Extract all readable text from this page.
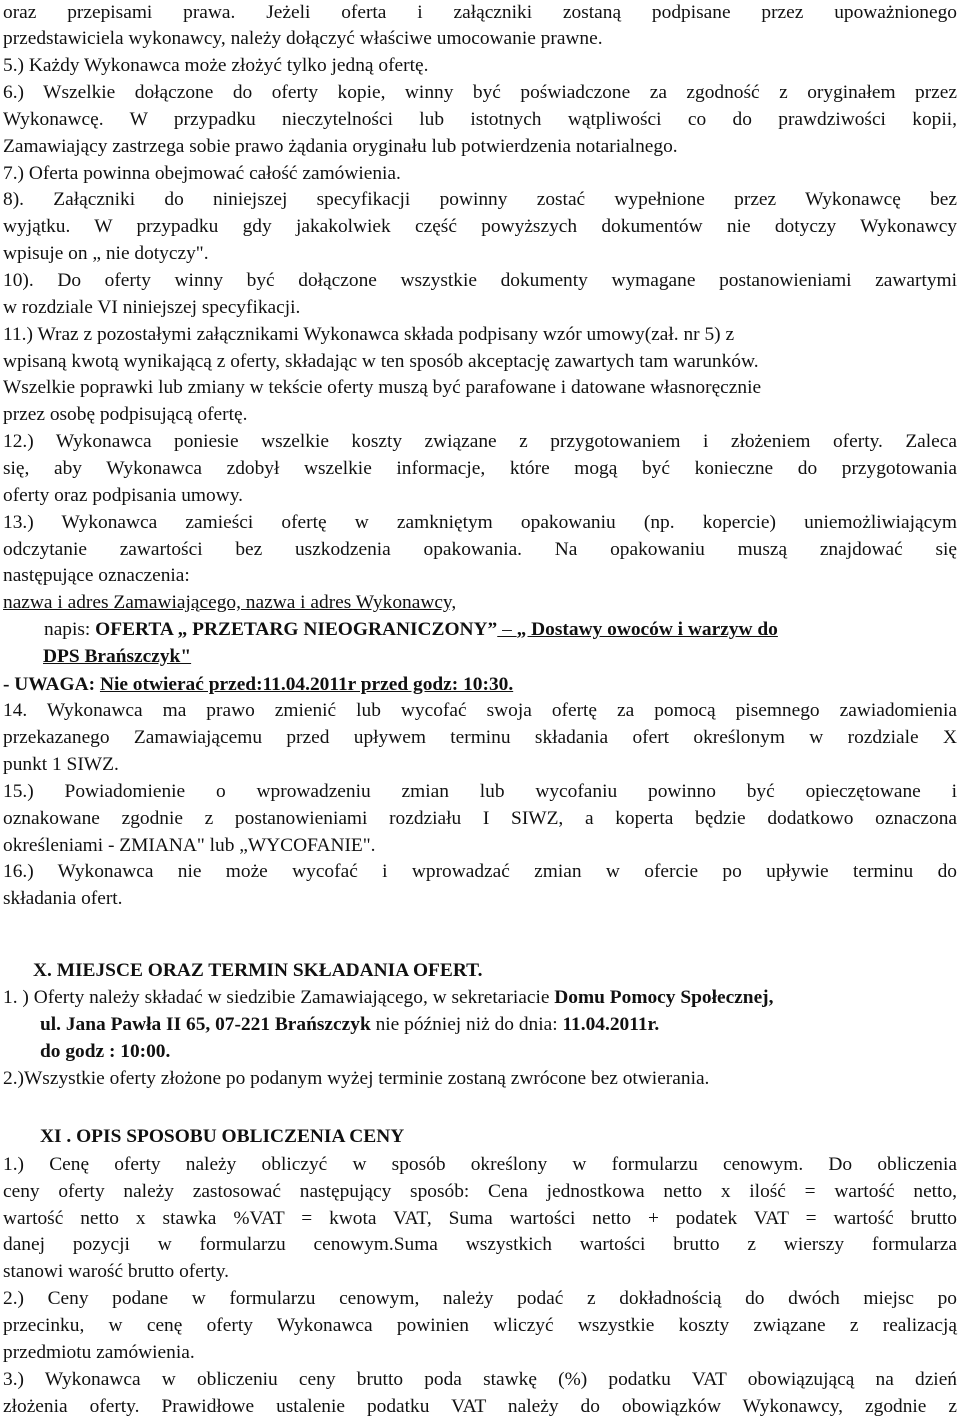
oraz przepisami prawa. Jeżeli oferta i załączniki zostaną podpisane przez upoważnionego
przedstawiciela wykonawcy, należy dołączyć właściwe umocowanie prawne.
5.) Każdy Wykonawca może złożyć tylko jedną ofertę.
6.) Wszelkie dołączone do oferty kopie, winny być poświadczone za zgodność z oryginałem przez
Wykonawcę. W przypadku nieczytelności lub istotnych wątpliwości co do prawdziwości kopii,
Zamawiający zastrzega sobie prawo żądania oryginału lub potwierdzenia notarialnego.
7.) Oferta powinna obejmować całość zamówienia.
8). Załączniki do niniejszej specyfikacji powinny zostać wypełnione przez Wykonawcę bez
wyjątku. W przypadku gdy jakakolwiek część powyższych dokumentów nie dotyczy Wykonawcy
wpisuje on „ nie dotyczy".
10). Do oferty winny być dołączone wszystkie dokumenty wymagane postanowieniami zawartymi
w rozdziale VI niniejszej specyfikacji.
11.) Wraz z pozostałymi załącznikami Wykonawca składa podpisany wzór umowy(zał. nr 5) z
wpisaną kwotą wynikającą z oferty, składając w ten sposób akceptację zawartych tam warunków.
Wszelkie poprawki lub zmiany w tekście oferty muszą być parafowane i datowane własnoręcznie
przez osobę podpisującą ofertę.
12.) Wykonawca poniesie wszelkie koszty związane z przygotowaniem i złożeniem oferty. Zaleca
się, aby Wykonawca zdobył wszelkie informacje, które mogą być konieczne do przygotowania
oferty oraz podpisania umowy.
13.) Wykonawca zamieści ofertę w zamkniętym opakowaniu (np. kopercie) uniemożliwiającym
odczytanie zawartości bez uszkodzenia opakowania. Na opakowaniu muszą znajdować się
następujące oznaczenia:
nazwa i adres Zamawiającego, nazwa i adres Wykonawcy,
napis: OFERTA „ PRZETARG NIEOGRANICZONY” – „ Dostawy owoców i warzyw do
DPS Brańszczyk"
- UWAGA: Nie otwierać przed:11.04.2011r przed godz: 10:30.
14. Wykonawca ma prawo zmienić lub wycofać swoja ofertę za pomocą pisemnego zawiadomienia
przekazanego Zamawiającemu przed upływem terminu składania ofert określonym w rozdziale X
punkt 1 SIWZ.
15.) Powiadomienie o wprowadzeniu zmian lub wycofaniu powinno być opieczętowane i
oznakowane zgodnie z postanowieniami rozdziału I SIWZ, a koperta będzie dodatkowo oznaczona
określeniami - ZMIANA" lub „WYCOFANIE".
16.) Wykonawca nie może wycofać i wprowadzać zmian w ofercie po upływie terminu do
składania ofert.
X. MIEJSCE ORAZ TERMIN SKŁADANIA OFERT.
1. ) Oferty należy składać w siedzibie Zamawiającego, w sekretariacie Domu Pomocy Społecznej,
ul. Jana Pawła II 65, 07-221 Brańszczyk nie później niż do dnia: 11.04.2011r.
do godz : 10:00.
2.)Wszystkie oferty złożone po podanym wyżej terminie zostaną zwrócone bez otwierania.
XI . OPIS SPOSOBU OBLICZENIA CENY
1.) Cenę oferty należy obliczyć w sposób określony w formularzu cenowym. Do obliczenia
ceny oferty należy zastosować następujący sposób: Cena jednostkowa netto x ilość = wartość netto,
wartość netto x stawka %VAT = kwota VAT, Suma wartości netto + podatek VAT = wartość brutto
danej pozycji w formularzu cenowym.Suma wszystkich wartości brutto z wierszy formularza
stanowi warość brutto oferty.
2.) Ceny podane w formularzu cenowym, należy podać z dokładnością do dwóch miejsc po
przecinku, w cenę oferty Wykonawca powinien wliczyć wszystkie koszty związane z realizacją
przedmiotu zamówienia.
3.) Wykonawca w obliczeniu ceny brutto poda stawkę (%) podatku VAT obowiązującą na dzień
złożenia oferty. Prawidłowe ustalenie podatku VAT należy do obowiązków Wykonawcy, zgodnie z
